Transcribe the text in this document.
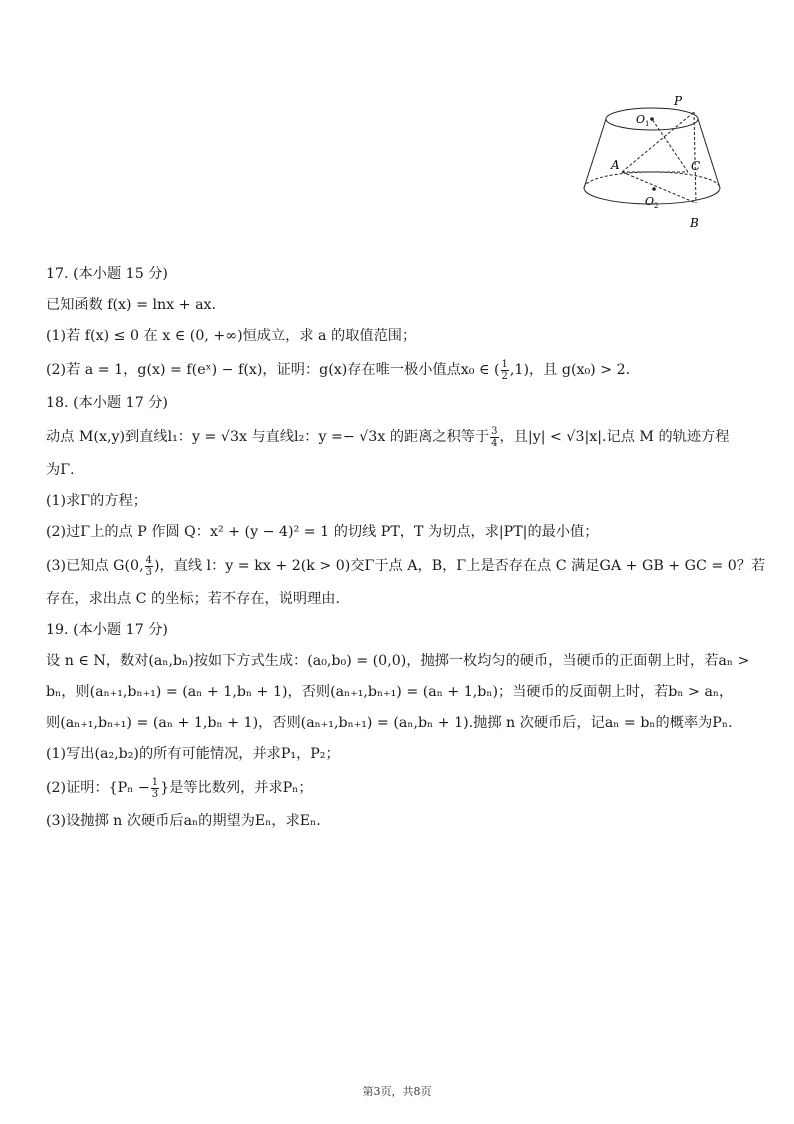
P
O 1
A	C
O 2
B
17. (本小题 15 分)
已知函数 f(x) = lnx + ax.
(1)若 f(x) ≤ 0 在 x ∈ (0, +∞)恒成立，求 a 的取值范围；
(2)若 a = 1，g(x) = f(eˣ) − f(x)，证明：g(x)存在唯一极小值点x₀ ∈ ( $\frac{1}{2} ,1$)，且 g(x₀) > 2.
18. (本小题 17 分)
动点 M(x,y)到直线l₁：y = √3x 与直线l₂：y =− √3x 的距离之积等于 $\frac{3}{4}$ ，且|y| < √3|x|.记点 M 的轨迹方程
为Γ.
(1)求Γ的方程；
(2)过Γ上的点 P 作圆 Q：x² + (y − 4)² = 1 的切线 PT，T 为切点，求|PT|的最小值；
(3)已知点 G(0, $\frac{4}{3}$ )，直线 l：y = kx + 2(k > 0)交Γ于点 A，B，Γ上是否存在点 C 满足GA + GB + GC = 0？若
存在，求出点 C 的坐标；若不存在，说明理由.
19. (本小题 17 分)
设 n ∈ N，数对(aₙ,bₙ)按如下方式生成：(a₀,b₀) = (0,0)，抛掷一枚均匀的硬币，当硬币的正面朝上时，若aₙ >
bₙ，则(aₙ₊₁,bₙ₊₁) = (aₙ + 1,bₙ + 1)，否则(aₙ₊₁,bₙ₊₁) = (aₙ + 1,bₙ)；当硬币的反面朝上时，若bₙ > aₙ，
则(aₙ₊₁,bₙ₊₁) = (aₙ + 1,bₙ + 1)，否则(aₙ₊₁,bₙ₊₁) = (aₙ,bₙ + 1).抛掷 n 次硬币后，记aₙ = bₙ的概率为Pₙ.
(1)写出(a₂,b₂)的所有可能情况，并求P₁，P₂；
(2)证明：{$P_n - \frac{1}{3}$ }是等比数列，并求Pₙ；
(3)设抛掷 n 次硬币后aₙ的期望为Eₙ，求Eₙ.
第3页，共8页
